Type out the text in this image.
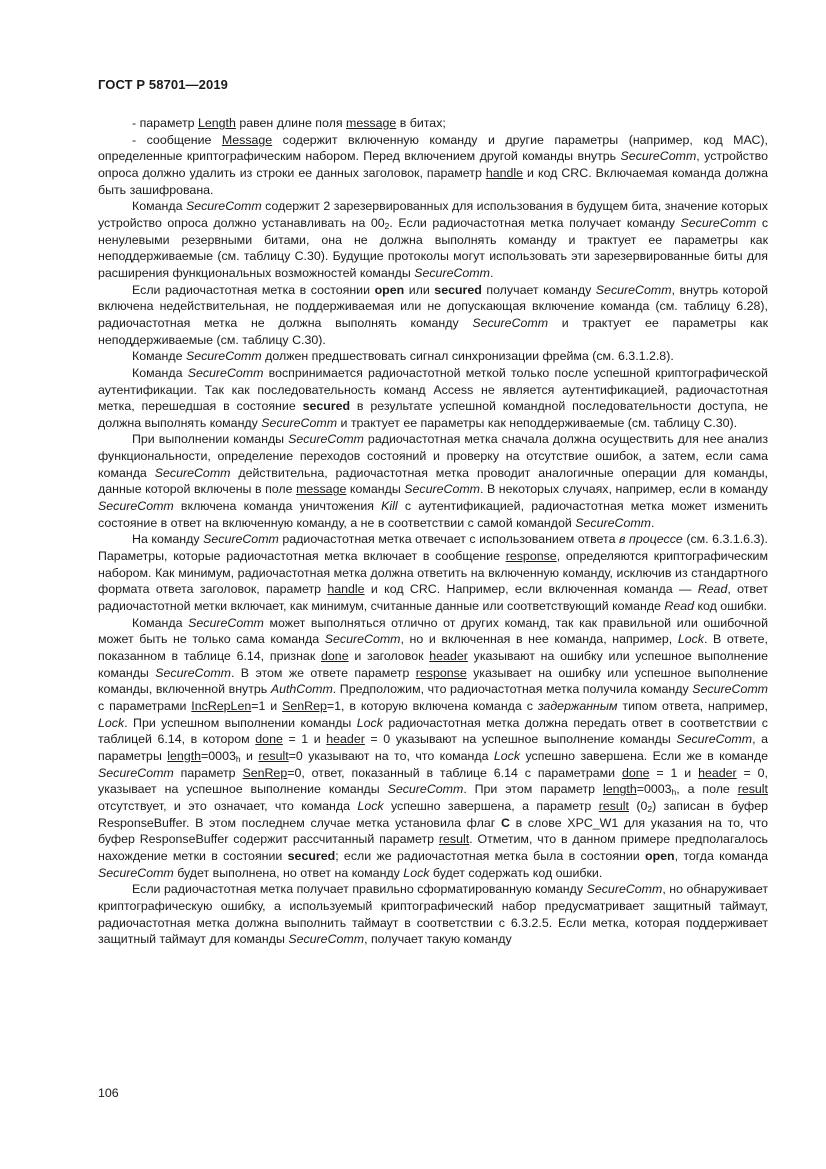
ГОСТ Р 58701—2019

- параметр Length равен длине поля message в битах;

- сообщение Message содержит включенную команду и другие параметры (например, код МАС), определенные криптографическим набором. Перед включением другой команды внутрь SecureComm, устройство опроса должно удалить из строки ее данных заголовок, параметр handle и код CRC. Включаемая команда должна быть зашифрована.

Команда SecureComm содержит 2 зарезервированных для использования в будущем бита, значение которых устройство опроса должно устанавливать на $00_2$. Если радиочастотная метка получает команду SecureComm с ненулевыми резервными битами, она не должна выполнять команду и трактует ее параметры как неподдерживаемые (см. таблицу С.30). Будущие протоколы могут использовать эти зарезервированные биты для расширения функциональных возможностей команды SecureComm.

Если радиочастотная метка в состоянии open или secured получает команду SecureComm, внутрь которой включена недействительная, не поддерживаемая или не допускающая включение команда (см. таблицу 6.28), радиочастотная метка не должна выполнять команду SecureComm и трактует ее параметры как неподдерживаемые (см. таблицу С.30).

Команде SecureComm должен предшествовать сигнал синхронизации фрейма (см. 6.3.1.2.8).

Команда SecureComm воспринимается радиочастотной меткой только после успешной криптографической аутентификации. Так как последовательность команд Access не является аутентификацией, радиочастотная метка, перешедшая в состояние secured в результате успешной командной последовательности доступа, не должна выполнять команду SecureComm и трактует ее параметры как неподдерживаемые (см. таблицу С.30).

При выполнении команды SecureComm радиочастотная метка сначала должна осуществить для нее анализ функциональности, определение переходов состояний и проверку на отсутствие ошибок, а затем, если сама команда SecureComm действительна, радиочастотная метка проводит аналогичные операции для команды, данные которой включены в поле message команды SecureComm. В некоторых случаях, например, если в команду SecureComm включена команда уничтожения Kill с аутентификацией, радиочастотная метка может изменить состояние в ответ на включенную команду, а не в соответствии с самой командой SecureComm.

На команду SecureComm радиочастотная метка отвечает с использованием ответа в процессе (см. 6.3.1.6.3). Параметры, которые радиочастотная метка включает в сообщение response, определяются криптографическим набором. Как минимум, радиочастотная метка должна ответить на включенную команду, исключив из стандартного формата ответа заголовок, параметр handle и код CRC. Например, если включенная команда — Read, ответ радиочастотной метки включает, как минимум, считанные данные или соответствующий команде Read код ошибки.

Команда SecureComm может выполняться отлично от других команд, так как правильной или ошибочной может быть не только сама команда SecureComm, но и включенная в нее команда, например, Lock. В ответе, показанном в таблице 6.14, признак done и заголовок header указывают на ошибку или успешное выполнение команды SecureComm. В этом же ответе параметр response указывает на ошибку или успешное выполнение команды, включенной внутрь AuthComm. Предположим, что радиочастотная метка получила команду SecureComm с параметрами IncRepLen=1 и SenRep=1, в которую включена команда с задержанным типом ответа, например, Lock. При успешном выполнении команды Lock радиочастотная метка должна передать ответ в соответствии с таблицей 6.14, в котором done = 1 и header = 0 указывают на успешное выполнение команды SecureComm, а параметры $length=0003_h$ и result=0 указывают на то, что команда Lock успешно завершена. Если же в команде SecureComm параметр SenRep=0, ответ, показанный в таблице 6.14 с параметрами done = 1 и header = 0, указывает на успешное выполнение команды SecureComm. При этом параметр $length=0003_h$, а поле result отсутствует, и это означает, что команда Lock успешно завершена, а параметр result $(0_2)$ записан в буфер ResponseBuffer. В этом последнем случае метка установила флаг C в слове XPC_W1 для указания на то, что буфер ResponseBuffer содержит рассчитанный параметр result. Отметим, что в данном примере предполагалось нахождение метки в состоянии secured; если же радиочастотная метка была в состоянии open, тогда команда SecureComm будет выполнена, но ответ на команду Lock будет содержать код ошибки.

Если радиочастотная метка получает правильно сформатированную команду SecureComm, но обнаруживает криптографическую ошибку, а используемый криптографический набор предусматривает защитный таймаут, радиочастотная метка должна выполнить таймаут в соответствии с 6.3.2.5. Если метка, которая поддерживает защитный таймаут для команды SecureComm, получает такую команду

106
